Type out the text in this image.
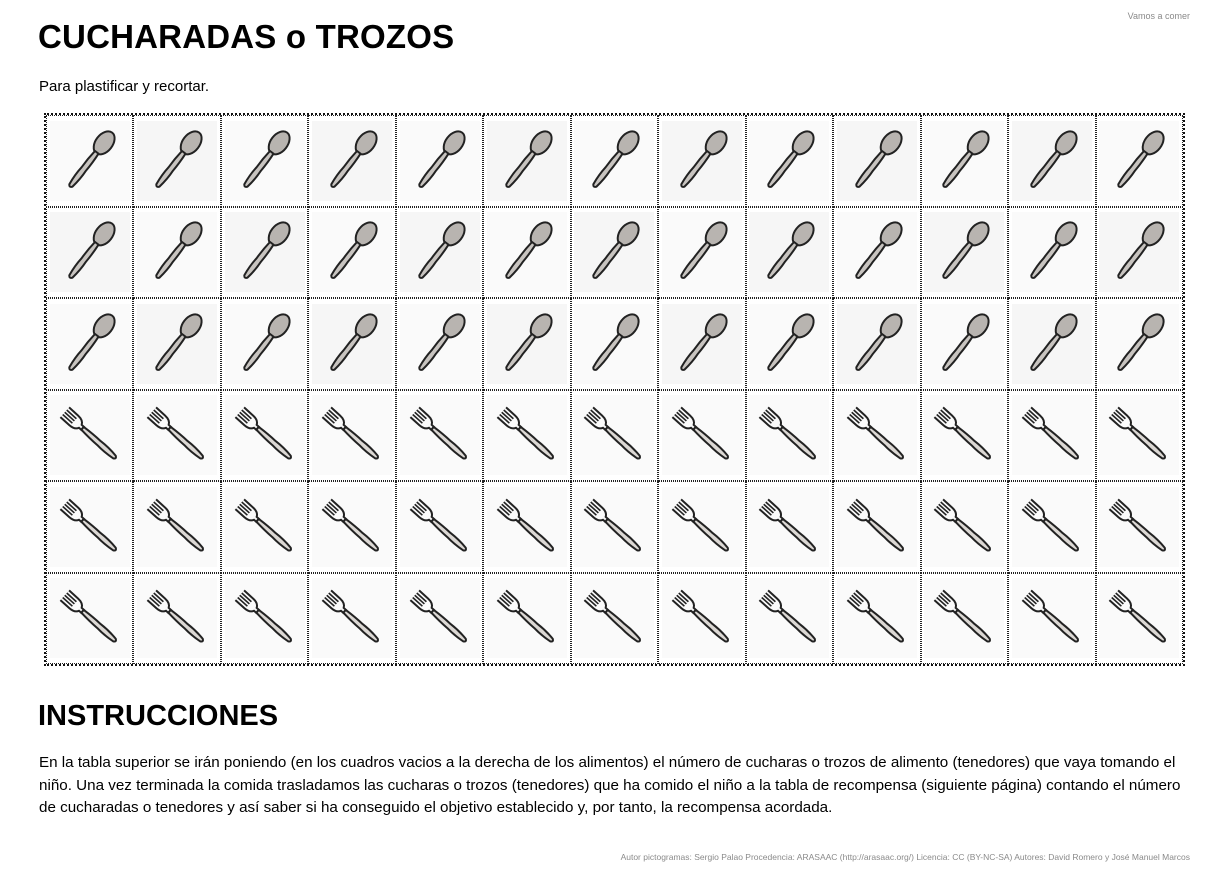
Vamos a comer
CUCHARADAS o TROZOS
Para plastificar y recortar.
INSTRUCCIONES

En la tabla superior se irán poniendo (en los cuadros vacios a la derecha de los alimentos) el número de cucharas o trozos de alimento (tenedores) que vaya tomando el niño. Una vez terminada la comida trasladamos las cucharas o trozos (tenedores) que ha comido el niño a la tabla de recompensa (siguiente página) contando el número de cucharadas o tenedores y así saber si ha conseguido el objetivo establecido y, por tanto, la recompensa acordada.

Autor pictogramas: Sergio Palao Procedencia: ARASAAC (http://arasaac.org/) Licencia: CC (BY-NC-SA) Autores: David Romero y José Manuel Marcos
